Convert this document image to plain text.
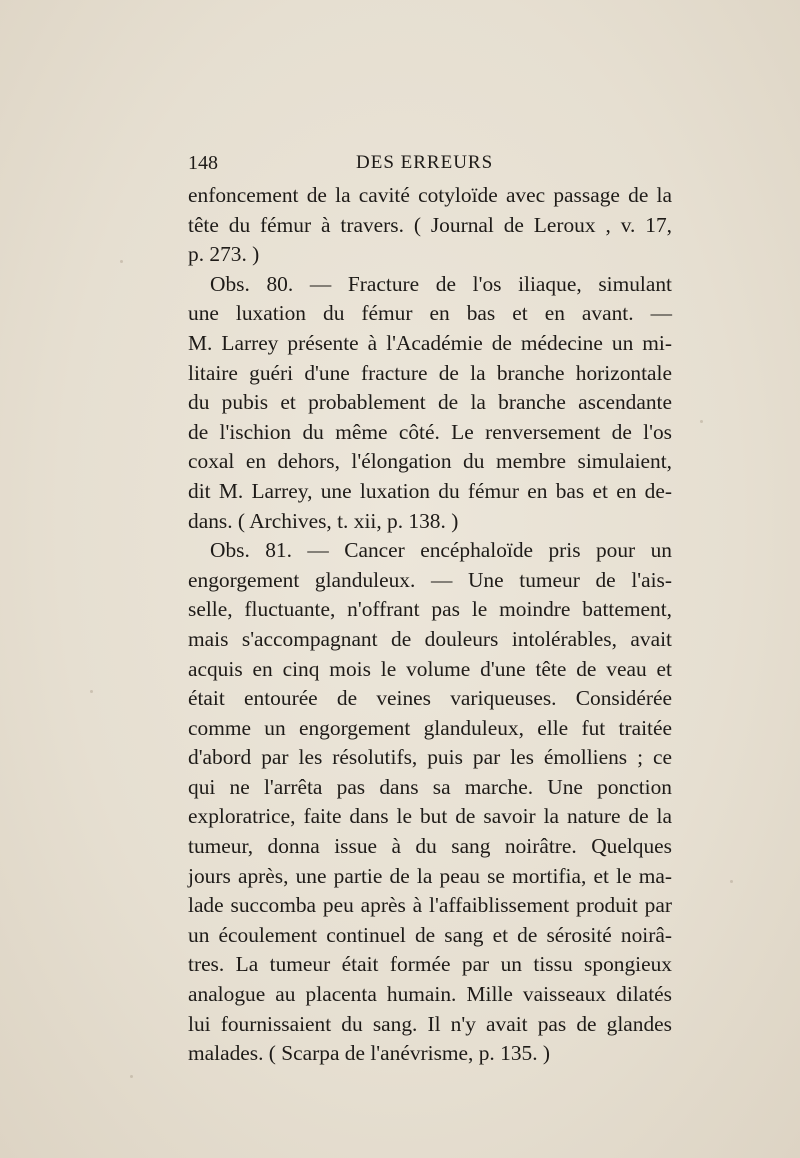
148	DES ERREURS

enfoncement de la cavité cotyloïde avec passage de la
tête du fémur à travers. ( Journal de Leroux , v. 17,
p. 273. )
Obs. 80. — Fracture de l'os iliaque, simulant
une luxation du fémur en bas et en avant. —
M. Larrey présente à l'Académie de médecine un mi-
litaire guéri d'une fracture de la branche horizontale
du pubis et probablement de la branche ascendante
de l'ischion du même côté. Le renversement de l'os
coxal en dehors, l'élongation du membre simulaient,
dit M. Larrey, une luxation du fémur en bas et en de-
dans. ( Archives, t. xii, p. 138. )
Obs. 81. — Cancer encéphaloïde pris pour un
engorgement glanduleux. — Une tumeur de l'ais-
selle, fluctuante, n'offrant pas le moindre battement,
mais s'accompagnant de douleurs intolérables, avait
acquis en cinq mois le volume d'une tête de veau et
était entourée de veines variqueuses. Considérée
comme un engorgement glanduleux, elle fut traitée
d'abord par les résolutifs, puis par les émolliens ; ce
qui ne l'arrêta pas dans sa marche. Une ponction
exploratrice, faite dans le but de savoir la nature de la
tumeur, donna issue à du sang noirâtre. Quelques
jours après, une partie de la peau se mortifia, et le ma-
lade succomba peu après à l'affaiblissement produit par
un écoulement continuel de sang et de sérosité noirâ-
tres. La tumeur était formée par un tissu spongieux
analogue au placenta humain. Mille vaisseaux dilatés
lui fournissaient du sang. Il n'y avait pas de glandes
malades. ( Scarpa de l'anévrisme, p. 135. )
